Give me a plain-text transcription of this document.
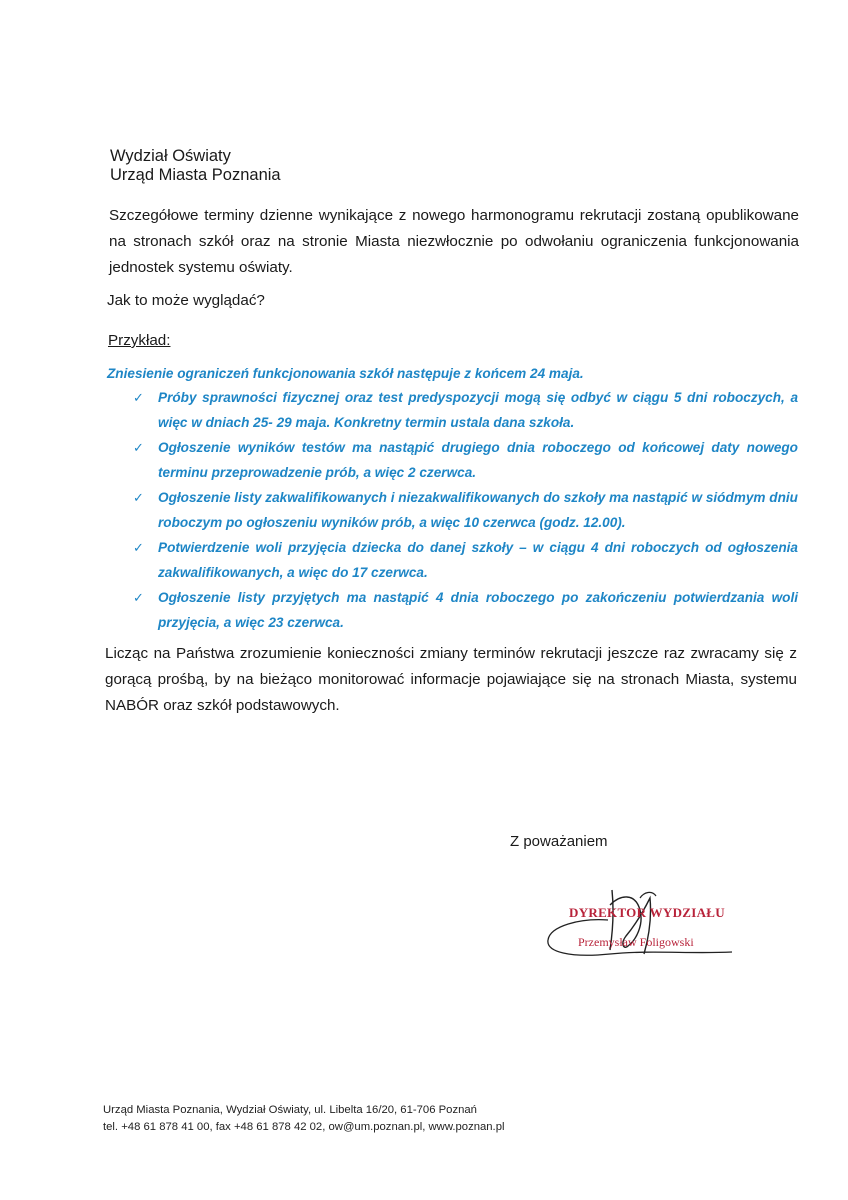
Wydział Oświaty
Urząd Miasta Poznania
Szczegółowe terminy dzienne wynikające z nowego harmonogramu rekrutacji zostaną opublikowane na stronach szkół oraz na stronie Miasta niezwłocznie po odwołaniu ograniczenia funkcjonowania jednostek systemu oświaty.
Jak to może wyglądać?
Przykład:
Zniesienie ograniczeń funkcjonowania szkół następuje z końcem 24 maja.
✓	Próby sprawności fizycznej oraz test predyspozycji mogą się odbyć w ciągu 5 dni roboczych, a więc w dniach 25- 29 maja. Konkretny termin ustala dana szkoła.
✓	Ogłoszenie wyników testów ma nastąpić drugiego dnia roboczego od końcowej daty nowego terminu przeprowadzenie prób, a więc 2 czerwca.
✓	Ogłoszenie listy zakwalifikowanych i niezakwalifikowanych do szkoły ma nastąpić w siódmym dniu roboczym po ogłoszeniu wyników prób, a więc 10 czerwca (godz. 12.00).
✓	Potwierdzenie woli przyjęcia dziecka do danej szkoły – w ciągu 4 dni roboczych od ogłoszenia zakwalifikowanych, a więc do 17 czerwca.
✓	Ogłoszenie listy przyjętych ma nastąpić 4 dnia roboczego po zakończeniu potwierdzania woli przyjęcia, a więc 23 czerwca.
Licząc na Państwa zrozumienie konieczności zmiany terminów rekrutacji jeszcze raz zwracamy się z gorącą prośbą, by na bieżąco monitorować informacje pojawiające się na stronach Miasta, systemu NABÓR oraz szkół podstawowych.
Z poważaniem
DYREKTOR WYDZIAŁU
Przemysław Foligowski
Urząd Miasta Poznania, Wydział Oświaty, ul. Libelta 16/20, 61-706 Poznań
tel. +48 61 878 41 00, fax +48 61 878 42 02, ow@um.poznan.pl, www.poznan.pl
